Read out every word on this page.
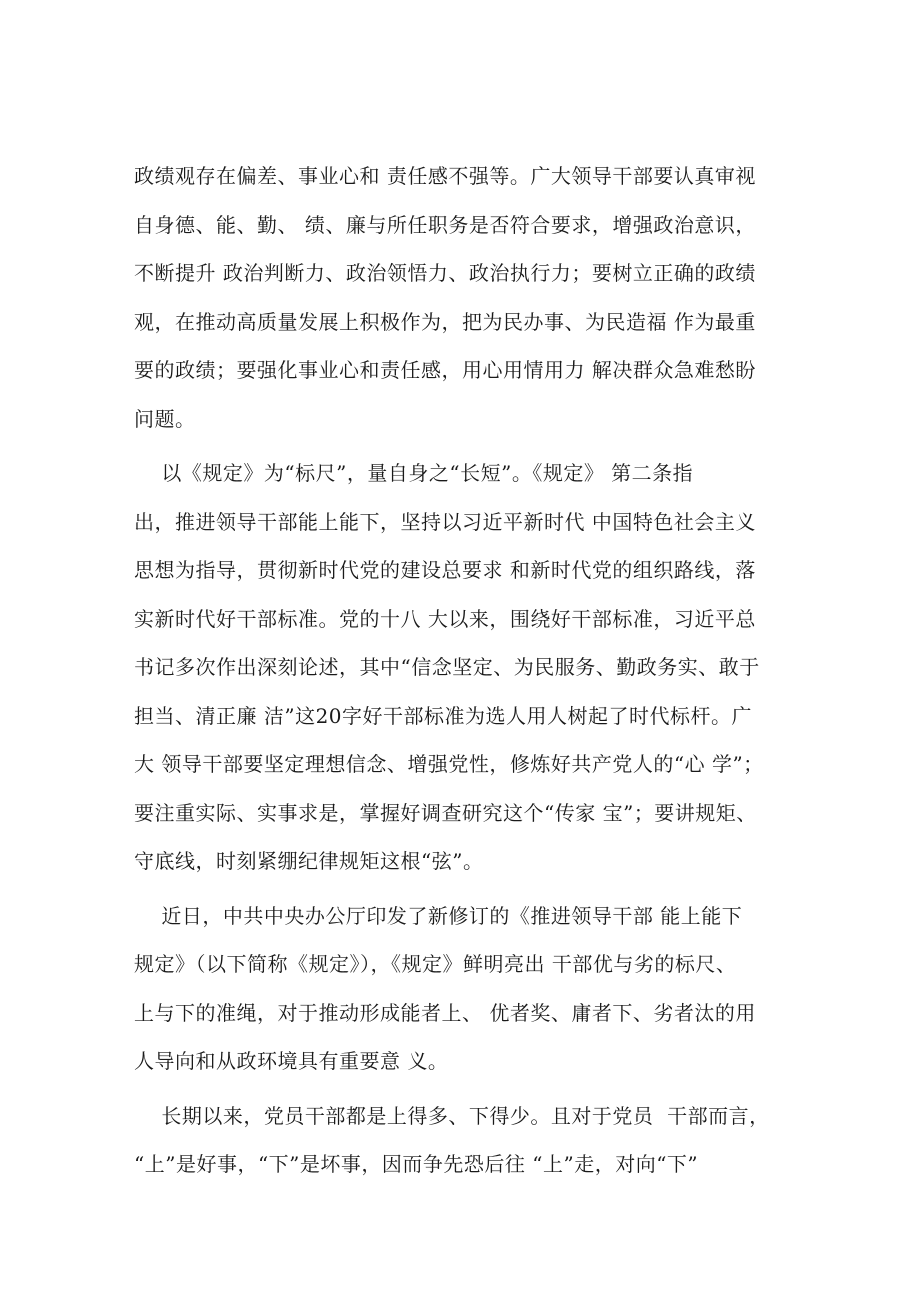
政绩观存在偏差、事业心和 责任感不强等。广大领导干部要认真审视
自身德、能、勤、 绩、廉与所任职务是否符合要求，增强政治意识，
不断提升 政治判断力、政治领悟力、政治执行力；要树立正确的政绩
观，在推动高质量发展上积极作为，把为民办事、为民造福 作为最重
要的政绩；要强化事业心和责任感，用心用情用力 解决群众急难愁盼
问题。
以《规定》为“标尺”，量自身之“长短”。《规定》 第二条指
出，推进领导干部能上能下，坚持以习近平新时代 中国特色社会主义
思想为指导，贯彻新时代党的建设总要求 和新时代党的组织路线，落
实新时代好干部标准。党的十八 大以来，围绕好干部标准，习近平总
书记多次作出深刻论述，其中“信念坚定、为民服务、勤政务实、敢于
担当、清正廉 洁”这20字好干部标准为选人用人树起了时代标杆。广
大 领导干部要坚定理想信念、增强党性，修炼好共产党人的“心 学”；
要注重实际、实事求是，掌握好调查研究这个“传家 宝”；要讲规矩、
守底线，时刻紧绷纪律规矩这根“弦”。
近日，中共中央办公厅印发了新修订的《推进领导干部 能上能下
规定》（以下简称《规定》），《规定》鲜明亮出 干部优与劣的标尺、
上与下的准绳，对于推动形成能者上、 优者奖、庸者下、劣者汰的用
人导向和从政环境具有重要意 义。
长期以来，党员干部都是上得多、下得少。且对于党员  干部而言，
“上”是好事，“下”是坏事，因而争先恐后往 “上”走，对向“下”
